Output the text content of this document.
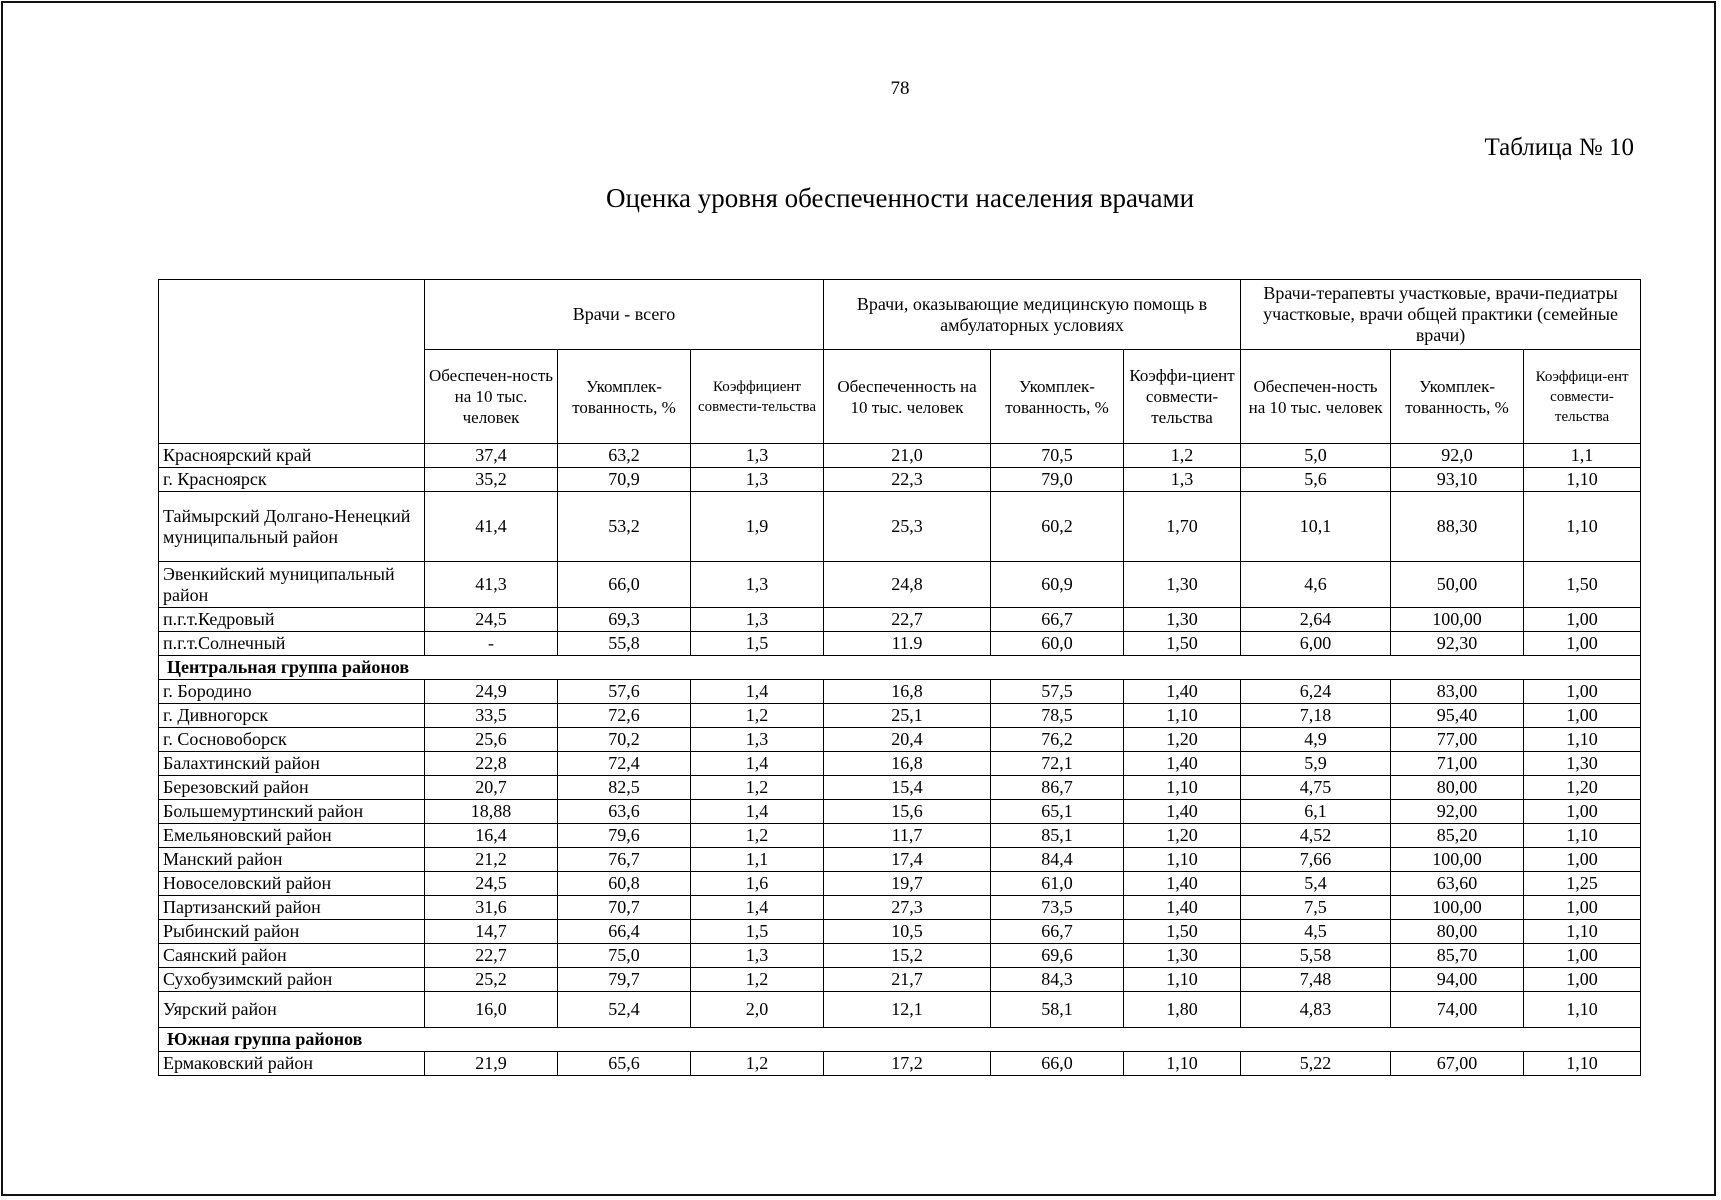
78
Таблица № 10
Оценка уровня обеспеченности населения врачами
	Врачи - всего			Врачи, оказывающие медицинскую помощь в амбулаторных условиях			Врачи-терапевты участковые, врачи-педиатры участковые, врачи общей практики (семейные врачи)		
	Обеспечен-ность на 10 тыс. человек	Укомплек-тованность, %	Коэффициент совмести-тельства	Обеспеченность на 10 тыс. человек	Укомплек-тованность, %	Коэффи-циент совмести-тельства	Обеспечен-ность на 10 тыс. человек	Укомплек-тованность, %	Коэффици-ент совмести-тельства
Красноярский край	37,4	63,2	1,3	21,0	70,5	1,2	5,0	92,0	1,1
г. Красноярск	35,2	70,9	1,3	22,3	79,0	1,3	5,6	93,10	1,10
Таймырский Долгано-Ненецкий муниципальный район	41,4	53,2	1,9	25,3	60,2	1,70	10,1	88,30	1,10
Эвенкийский муниципальный район	41,3	66,0	1,3	24,8	60,9	1,30	4,6	50,00	1,50
п.г.т.Кедровый	24,5	69,3	1,3	22,7	66,7	1,30	2,64	100,00	1,00
п.г.т.Солнечный	-	55,8	1,5	11.9	60,0	1,50	6,00	92,30	1,00
Центральная группа районов									
г. Бородино	24,9	57,6	1,4	16,8	57,5	1,40	6,24	83,00	1,00
г. Дивногорск	33,5	72,6	1,2	25,1	78,5	1,10	7,18	95,40	1,00
г. Сосновоборск	25,6	70,2	1,3	20,4	76,2	1,20	4,9	77,00	1,10
Балахтинский район	22,8	72,4	1,4	16,8	72,1	1,40	5,9	71,00	1,30
Березовский район	20,7	82,5	1,2	15,4	86,7	1,10	4,75	80,00	1,20
Большемуртинский район	18,88	63,6	1,4	15,6	65,1	1,40	6,1	92,00	1,00
Емельяновский район	16,4	79,6	1,2	11,7	85,1	1,20	4,52	85,20	1,10
Манский район	21,2	76,7	1,1	17,4	84,4	1,10	7,66	100,00	1,00
Новоселовский район	24,5	60,8	1,6	19,7	61,0	1,40	5,4	63,60	1,25
Партизанский район	31,6	70,7	1,4	27,3	73,5	1,40	7,5	100,00	1,00
Рыбинский район	14,7	66,4	1,5	10,5	66,7	1,50	4,5	80,00	1,10
Саянский район	22,7	75,0	1,3	15,2	69,6	1,30	5,58	85,70	1,00
Сухобузимский район	25,2	79,7	1,2	21,7	84,3	1,10	7,48	94,00	1,00
Уярский район	16,0	52,4	2,0	12,1	58,1	1,80	4,83	74,00	1,10
Южная группа районов									
Ермаковский район	21,9	65,6	1,2	17,2	66,0	1,10	5,22	67,00	1,10
